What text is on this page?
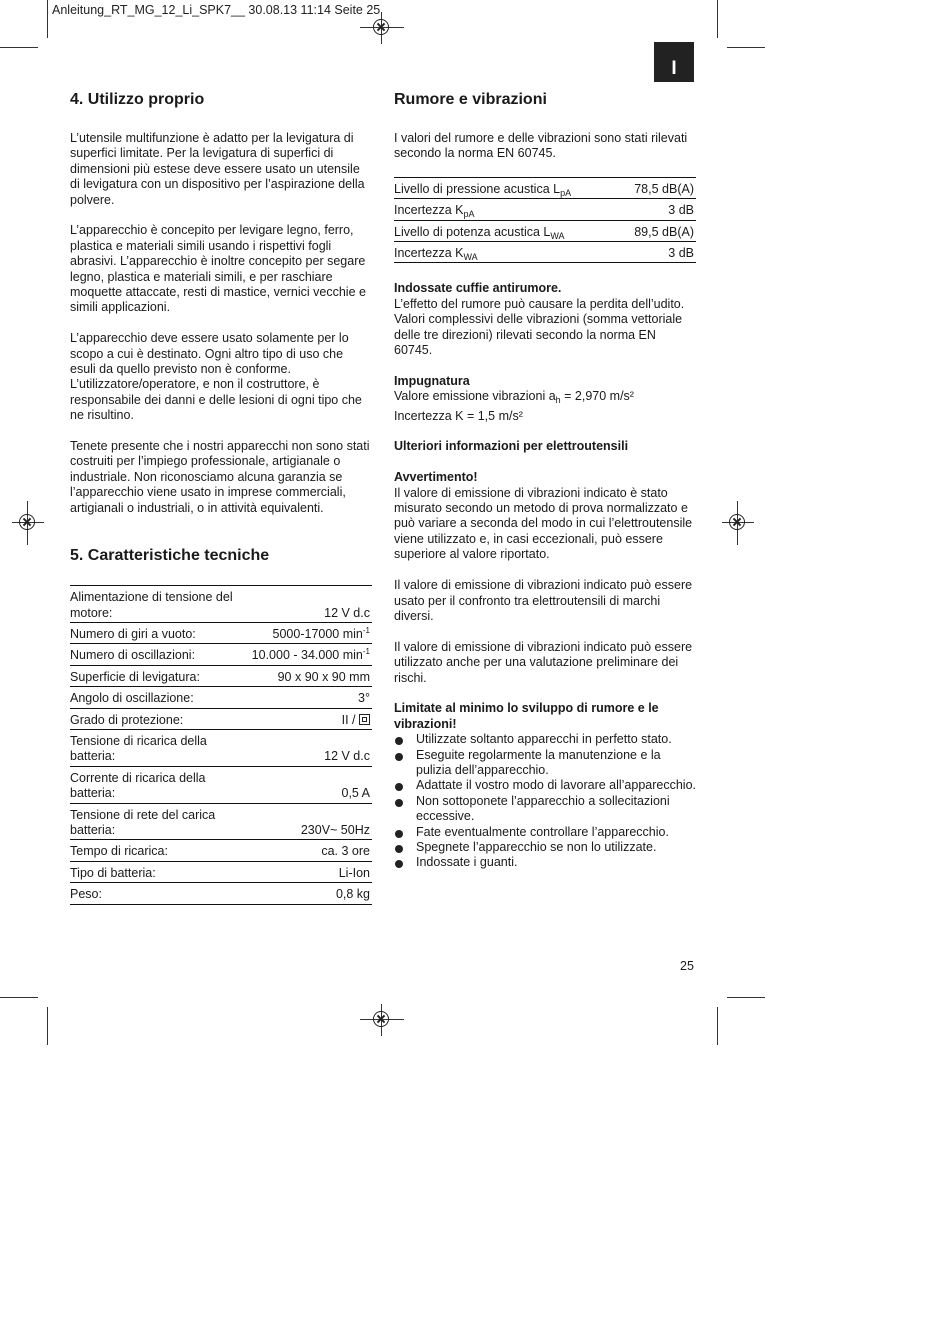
Anleitung_RT_MG_12_Li_SPK7__ 30.08.13 11:14 Seite 25
I
4. Utilizzo proprio

L’utensile multifunzione è adatto per la levigatura di superfici limitate. Per la levigatura di superfici di dimensioni più estese deve essere usato un utensile di levigatura con un dispositivo per l’aspirazione della polvere.

L’apparecchio è concepito per levigare legno, ferro, plastica e materiali simili usando i rispettivi fogli abrasivi. L’apparecchio è inoltre concepito per segare legno, plastica e materiali simili, e per raschiare moquette attaccate, resti di mastice, vernici vecchie e simili applicazioni.

L’apparecchio deve essere usato solamente per lo scopo a cui è destinato. Ogni altro tipo di uso che esuli da quello previsto non è conforme. L’utilizzatore/operatore, e non il costruttore, è responsabile dei danni e delle lesioni di ogni tipo che ne risultino.

Tenete presente che i nostri apparecchi non sono stati costruiti per l’impiego professionale, artigianale o industriale. Non riconosciamo alcuna garanzia se l’apparecchio viene usato in imprese commerciali, artigianali o industriali, o in attività equivalenti.

5. Caratteristiche tecniche
Alimentazione di tensione del motore:	12 V d.c
Numero di giri a vuoto:	5000-17000 $\min^{-1}$
Numero di oscillazioni:	10.000 - 34.000 $\min^{-1}$
Superficie di levigatura:	90 x 90 x 90 mm
Angolo di oscillazione:	3°
Grado di protezione:	II /
Tensione di ricarica della batteria:	12 V d.c
Corrente di ricarica della batteria:	0,5 A
Tensione di rete del carica batteria:	230V~ 50Hz
Tempo di ricarica:	ca. 3 ore
Tipo di batteria:	Li-Ion
Peso:	0,8 kg
Rumore e vibrazioni

I valori del rumore e delle vibrazioni sono stati rilevati secondo la norma EN 60745.

Livello di pressione acustica $L_{pA}$	78,5 dB(A)
Incertezza $K_{pA}$	3 dB
Livello di potenza acustica $L_{WA}$	89,5 dB(A)
Incertezza $K_{WA}$	3 dB
Indossate cuffie antirumore.

L’effetto del rumore può causare la perdita dell’udito. Valori complessivi delle vibrazioni (somma vettoriale delle tre direzioni) rilevati secondo la norma EN 60745.

Impugnatura
Valore emissione vibrazioni $a_h = 2,970$ m/s²

Incertezza K = 1,5 m/s²

Ulteriori informazioni per elettroutensili

Avvertimento!

Il valore di emissione di vibrazioni indicato è stato misurato secondo un metodo di prova normalizzato e può variare a seconda del modo in cui l’elettroutensile viene utilizzato e, in casi eccezionali, può essere superiore al valore riportato.

Il valore di emissione di vibrazioni indicato può essere usato per il confronto tra elettroutensili di marchi diversi.

Il valore di emissione di vibrazioni indicato può essere utilizzato anche per una valutazione preliminare dei rischi.

Limitate al minimo lo sviluppo di rumore e le vibrazioni!
Utilizzate soltanto apparecchi in perfetto stato.
Eseguite regolarmente la manutenzione e la pulizia dell’apparecchio.
Adattate il vostro modo di lavorare all’apparecchio.
Non sottoponete l’apparecchio a sollecitazioni eccessive.
Fate eventualmente controllare l’apparecchio.
Spegnete l’apparecchio se non lo utilizzate.
Indossate i guanti.
25
